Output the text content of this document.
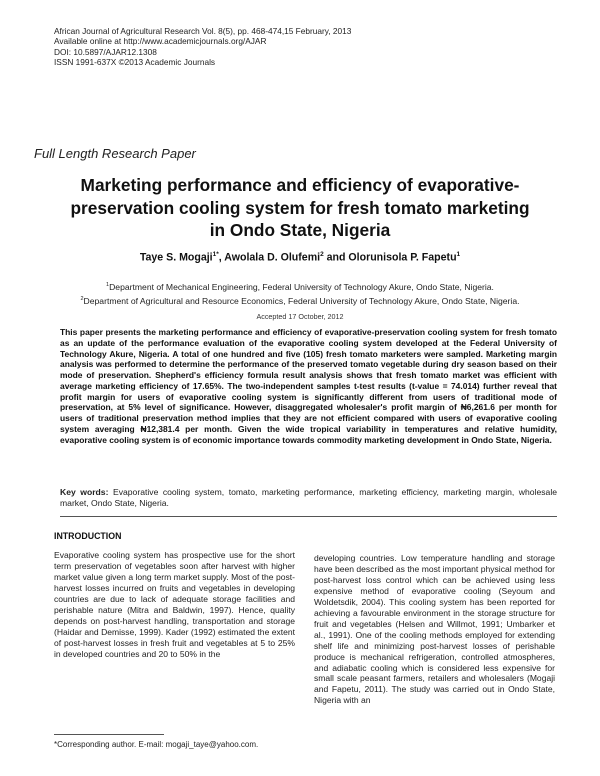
African Journal of Agricultural Research Vol. 8(5), pp. 468-474,15 February, 2013
Available online at http://www.academicjournals.org/AJAR
DOI: 10.5897/AJAR12.1308
ISSN 1991-637X ©2013 Academic Journals
Full Length Research Paper
Marketing performance and efficiency of evaporative-
preservation cooling system for fresh tomato marketing
in Ondo State, Nigeria
Taye S. Mogaji$^{1*}$, Awolala D. Olufemi$^2$ and Olorunisola P. Fapetu$^1$
$^1$Department of Mechanical Engineering, Federal University of Technology Akure, Ondo State, Nigeria.
$^2$Department of Agricultural and Resource Economics, Federal University of Technology Akure, Ondo State, Nigeria.
Accepted 17 October, 2012
This paper presents the marketing performance and efficiency of evaporative-preservation cooling system for fresh tomato as an update of the performance evaluation of the evaporative cooling system developed at the Federal University of Technology Akure, Nigeria. A total of one hundred and five (105) fresh tomato marketers were sampled. Marketing margin analysis was performed to determine the performance of the preserved tomato vegetable during dry season based on their mode of preservation. Shepherd's efficiency formula result analysis shows that fresh tomato market was efficient with average marketing efficiency of 17.65%. The two-independent samples t-test results (t-value = 74.014) further reveal that profit margin for users of evaporative cooling system is significantly different from users of traditional mode of preservation, at 5% level of significance. However, disaggregated wholesaler's profit margin of ₦6,261.6 per month for users of traditional preservation method implies that they are not efficient compared with users of evaporative cooling system averaging ₦12,381.4 per month. Given the wide tropical variability in temperatures and relative humidity, evaporative cooling system is of economic importance towards commodity marketing development in Ondo State, Nigeria.
Key words: Evaporative cooling system, tomato, marketing performance, marketing efficiency, marketing margin, wholesale market, Ondo State, Nigeria.
INTRODUCTION
Evaporative cooling system has prospective use for the short term preservation of vegetables soon after harvest with higher market value given a long term market supply. Most of the post-harvest losses incurred on fruits and vegetables in developing countries are due to lack of adequate storage facilities and perishable nature (Mitra and Baldwin, 1997). Hence, quality depends on post-harvest handling, transportation and storage (Haidar and Demisse, 1999). Kader (1992) estimated the extent of post-harvest losses in fresh fruit and vegetables at 5 to 25% in developed countries and 20 to 50% in the
developing countries. Low temperature handling and storage have been described as the most important physical method for post-harvest loss control which can be achieved using less expensive method of evaporative cooling (Seyoum and Woldetsdik, 2004). This cooling system has been reported for achieving a favourable environment in the storage structure for fruit and vegetables (Helsen and Willmot, 1991; Umbarker et al., 1991). One of the cooling methods employed for extending shelf life and minimizing post-harvest losses of perishable produce is mechanical refrigeration, controlled atmospheres, and adiabatic cooling which is considered less expensive for small scale peasant farmers, retailers and wholesalers (Mogaji and Fapetu, 2011). The study was carried out in Ondo State, Nigeria with an
*Corresponding author. E-mail: mogaji_taye@yahoo.com.
